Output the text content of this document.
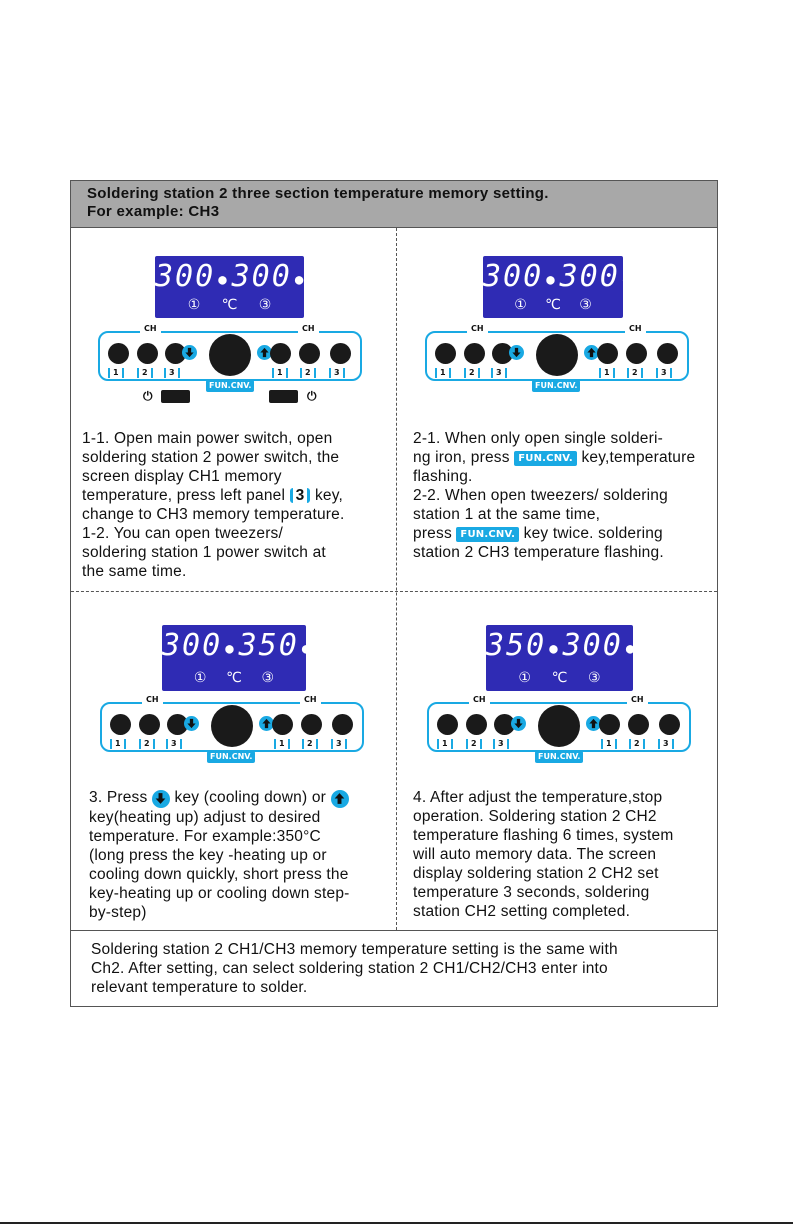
Soldering station 2 three section temperature memory setting.
For example: CH3
300 ● 300 ●
① ℃ ③
CH	CH
1	2	3	1	2	3
FUN.CNV.
⏻	⏻
1-1. Open main power switch, open
soldering station 2 power switch, the
screen display CH1 memory
temperature, press left panel 3 key,
change to CH3 memory temperature.
1-2. You can open tweezers/
soldering station 1 power switch at
the same time.
300 ● 300 ●
① ℃ ③
CH	CH
1	2	3	1	2	3
FUN.CNV.
2-1. When only open single solderi-
ng iron, press FUN.CNV. key,temperature
flashing.
2-2. When open tweezers/ soldering
station 1 at the same time,
press FUN.CNV. key twice. soldering
station 2 CH3 temperature flashing.
300 ● 350 ●
① ℃ ③
CH	CH
1	2	3	1	2	3
FUN.CNV.
3. Press key (cooling down) or
key(heating up) adjust to desired
temperature. For example:350°C
(long press the key -heating up or
cooling down quickly, short press the
key-heating up or cooling down step-
by-step)
350 ● 300 ●
① ℃ ③
CH	CH
1	2	3	1	2	3
FUN.CNV.
4. After adjust the temperature,stop
operation. Soldering station 2 CH2
temperature flashing 6 times, system
will auto memory data. The screen
display soldering station 2 CH2 set
temperature 3 seconds, soldering
station CH2 setting completed.
Soldering station 2 CH1/CH3 memory temperature setting is the same with
Ch2. After setting, can select soldering station 2 CH1/CH2/CH3 enter into
relevant temperature to solder.
